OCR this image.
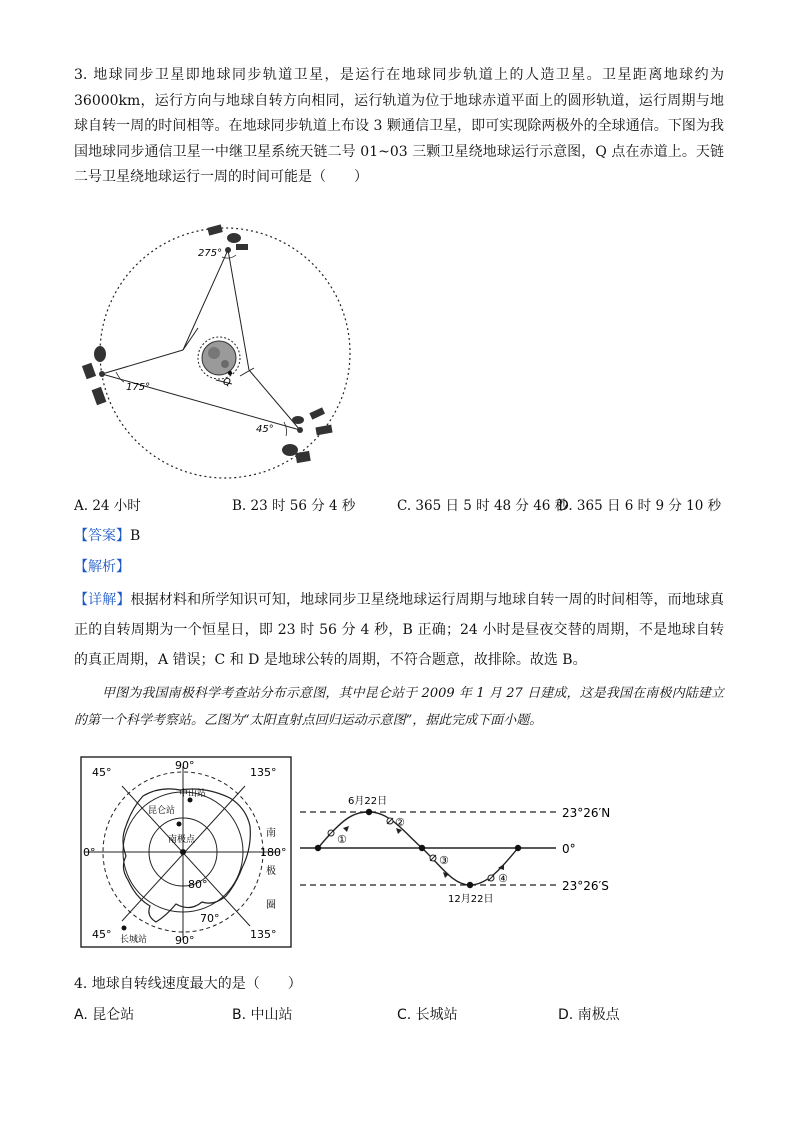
3. 地球同步卫星即地球同步轨道卫星，是运行在地球同步轨道上的人造卫星。卫星距离地球约为36000km，运行方向与地球自转方向相同，运行轨道为位于地球赤道平面上的圆形轨道，运行周期与地球自转一周的时间相等。在地球同步轨道上布设 3 颗通信卫星，即可实现除两极外的全球通信。下图为我国地球同步通信卫星一中继卫星系统天链二号 01~03 三颗卫星绕地球运行示意图，Q 点在赤道上。天链二号卫星绕地球运行一周的时间可能是（　　）

275°
175°
45°
Q
A. 24 小时	B. 23 时 56 分 4 秒	C. 365 日 5 时 48 分 46 秒
D. 365 日 6 时 9 分 10 秒
【答案】B
【解析】

【详解】根据材料和所学知识可知，地球同步卫星绕地球运行周期与地球自转一周的时间相等，而地球真正的自转周期为一个恒星日，即 23 时 56 分 4 秒，B 正确；24 小时是昼夜交替的周期，不是地球自转的真正周期，A 错误；C 和 D 是地球公转的周期，不符合题意，故排除。故选 B。

甲图为我国南极科学考查站分布示意图，其中昆仑站于 2009 年 1 月 27 日建成，这是我国在南极内陆建立的第一个科学考察站。乙图为“太阳直射点回归运动示意图”，据此完成下面小题。

90°
45°	135°
0°	180°
45°	90°	135°
80°
70°
中山站
昆仑站
南极点
长城站
南
极
圈
①
②
③
④
6月22日
12月22日
23°26′N
0°
23°26′S
4. 地球自转线速度最大的是（　　）
A. 昆仑站	B. 中山站	C. 长城站	D. 南极点
